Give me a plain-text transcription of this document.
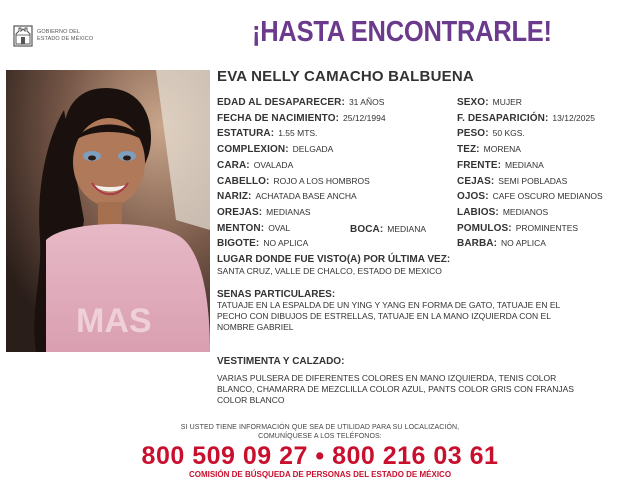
GOBIERNO DEL
ESTADO DE MÉXICO	¡HASTA ENCONTRARLE!
MAS
EVA NELLY CAMACHO BALBUENA
EDAD AL DESAPARECER: 31 AÑOS
FECHA DE NACIMIENTO: 25/12/1994
ESTATURA: 1.55 MTS.
COMPLEXION: DELGADA
CARA: OVALADA
CABELLO: ROJO A LOS HOMBROS
NARIZ: ACHATADA BASE ANCHA
OREJAS: MEDIANAS
MENTON: OVAL	BOCA: MEDIANA
BIGOTE: NO APLICA
SEXO: MUJER
F. DESAPARICIÓN: 13/12/2025
PESO: 50 KGS.
TEZ: MORENA
FRENTE: MEDIANA
CEJAS: SEMI POBLADAS
OJOS: CAFE OSCURO MEDIANOS
LABIOS: MEDIANOS
POMULOS: PROMINENTES
BARBA: NO APLICA
LUGAR DONDE FUE VISTO(A) POR ÚLTIMA VEZ:
SANTA CRUZ, VALLE DE CHALCO, ESTADO DE MEXICO
SENAS PARTICULARES:
TATUAJE EN LA ESPALDA DE UN YING Y YANG EN FORMA DE GATO, TATUAJE EN EL
PECHO CON DIBUJOS DE ESTRELLAS, TATUAJE EN LA MANO IZQUIERDA CON EL
NOMBRE GABRIEL
VESTIMENTA Y CALZADO:
VARIAS PULSERA DE DIFERENTES COLORES EN MANO IZQUIERDA, TENIS COLOR
BLANCO, CHAMARRA DE MEZCLILLA COLOR AZUL, PANTS COLOR GRIS CON FRANJAS
COLOR BLANCO
SI USTED TIENE INFORMACIÓN QUE SEA DE UTILIDAD PARA SU LOCALIZACIÓN,
COMUNÍQUESE A LOS TELÉFONOS:
800 509 09 27 • 800 216 03 61
COMISIÓN DE BÚSQUEDA DE PERSONAS DEL ESTADO DE MÉXICO
